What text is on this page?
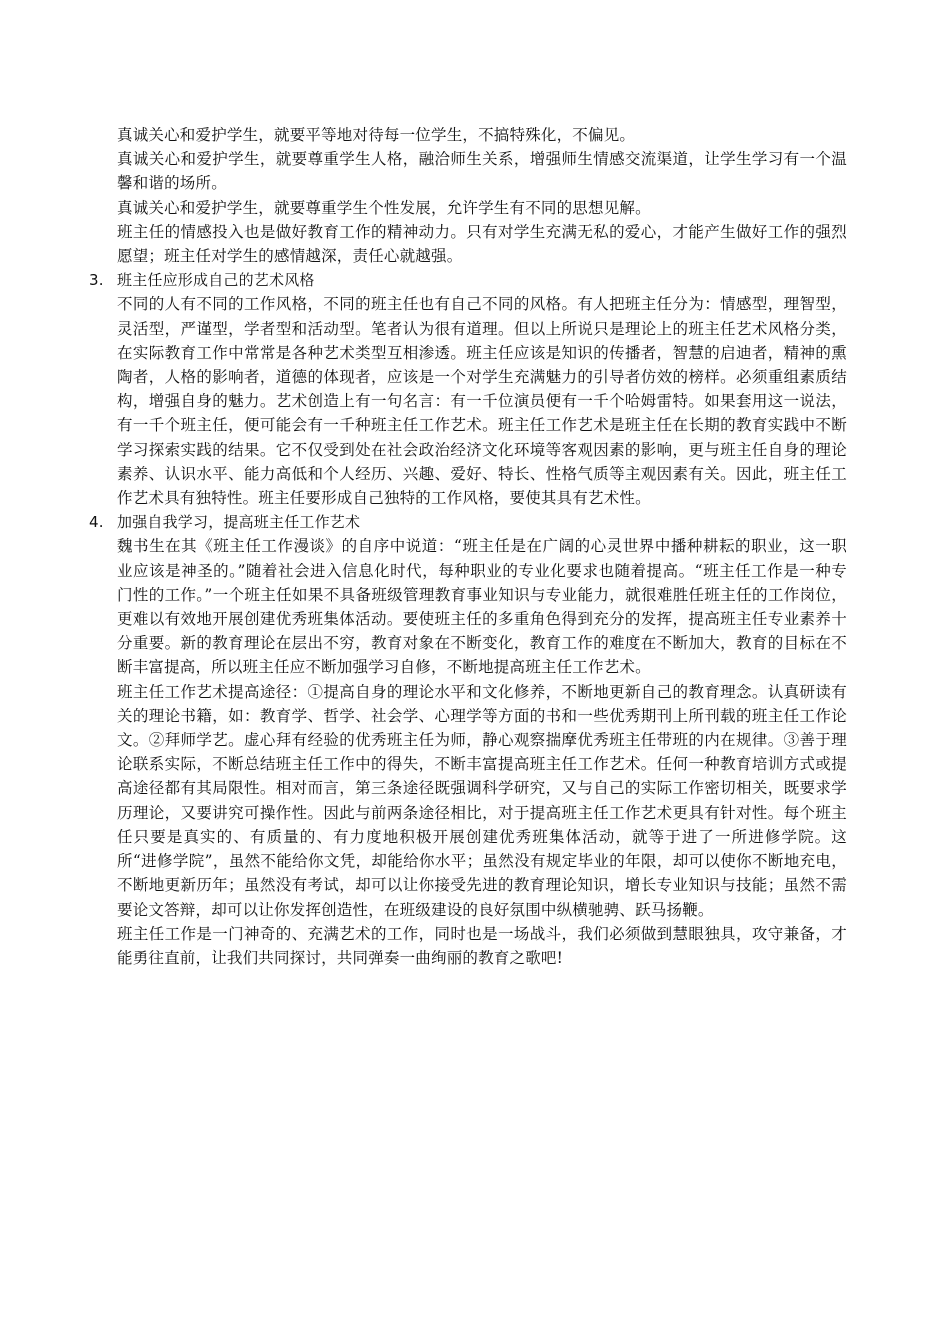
真诚关心和爱护学生，就要平等地对待每一位学生，不搞特殊化，不偏见。

真诚关心和爱护学生，就要尊重学生人格，融洽师生关系，增强师生情感交流渠道，让学生学习有一个温馨和谐的场所。

真诚关心和爱护学生，就要尊重学生个性发展，允许学生有不同的思想见解。

班主任的情感投入也是做好教育工作的精神动力。只有对学生充满无私的爱心，才能产生做好工作的强烈愿望；班主任对学生的感情越深，责任心就越强。

3. 班主任应形成自己的艺术风格

不同的人有不同的工作风格，不同的班主任也有自己不同的风格。有人把班主任分为：情感型，理智型，灵活型，严谨型，学者型和活动型。笔者认为很有道理。但以上所说只是理论上的班主任艺术风格分类，在实际教育工作中常常是各种艺术类型互相渗透。班主任应该是知识的传播者，智慧的启迪者，精神的熏陶者，人格的影响者，道德的体现者，应该是一个对学生充满魅力的引导者仿效的榜样。必须重组素质结构，增强自身的魅力。艺术创造上有一句名言：有一千位演员便有一千个哈姆雷特。如果套用这一说法，有一千个班主任，便可能会有一千种班主任工作艺术。班主任工作艺术是班主任在长期的教育实践中不断学习探索实践的结果。它不仅受到处在社会政治经济文化环境等客观因素的影响，更与班主任自身的理论素养、认识水平、能力高低和个人经历、兴趣、爱好、特长、性格气质等主观因素有关。因此，班主任工作艺术具有独特性。班主任要形成自己独特的工作风格，要使其具有艺术性。

4. 加强自我学习，提高班主任工作艺术

魏书生在其《班主任工作漫谈》的自序中说道：“班主任是在广阔的心灵世界中播种耕耘的职业，这一职业应该是神圣的。”随着社会进入信息化时代，每种职业的专业化要求也随着提高。“班主任工作是一种专门性的工作。”一个班主任如果不具备班级管理教育事业知识与专业能力，就很难胜任班主任的工作岗位，更难以有效地开展创建优秀班集体活动。要使班主任的多重角色得到充分的发挥，提高班主任专业素养十分重要。新的教育理论在层出不穷，教育对象在不断变化，教育工作的难度在不断加大，教育的目标在不断丰富提高，所以班主任应不断加强学习自修，不断地提高班主任工作艺术。

班主任工作艺术提高途径：①提高自身的理论水平和文化修养，不断地更新自己的教育理念。认真研读有关的理论书籍，如：教育学、哲学、社会学、心理学等方面的书和一些优秀期刊上所刊载的班主任工作论文。②拜师学艺。虚心拜有经验的优秀班主任为师，静心观察揣摩优秀班主任带班的内在规律。③善于理论联系实际，不断总结班主任工作中的得失，不断丰富提高班主任工作艺术。任何一种教育培训方式或提高途径都有其局限性。相对而言，第三条途径既强调科学研究，又与自己的实际工作密切相关，既要求学历理论，又要讲究可操作性。因此与前两条途径相比，对于提高班主任工作艺术更具有针对性。每个班主任只要是真实的、有质量的、有力度地积极开展创建优秀班集体活动，就等于进了一所进修学院。这所“进修学院”，虽然不能给你文凭，却能给你水平；虽然没有规定毕业的年限，却可以使你不断地充电，不断地更新历年；虽然没有考试，却可以让你接受先进的教育理论知识，增长专业知识与技能；虽然不需要论文答辩，却可以让你发挥创造性，在班级建设的良好氛围中纵横驰骋、跃马扬鞭。

班主任工作是一门神奇的、充满艺术的工作，同时也是一场战斗，我们必须做到慧眼独具，攻守兼备，才能勇往直前，让我们共同探讨，共同弹奏一曲绚丽的教育之歌吧!
